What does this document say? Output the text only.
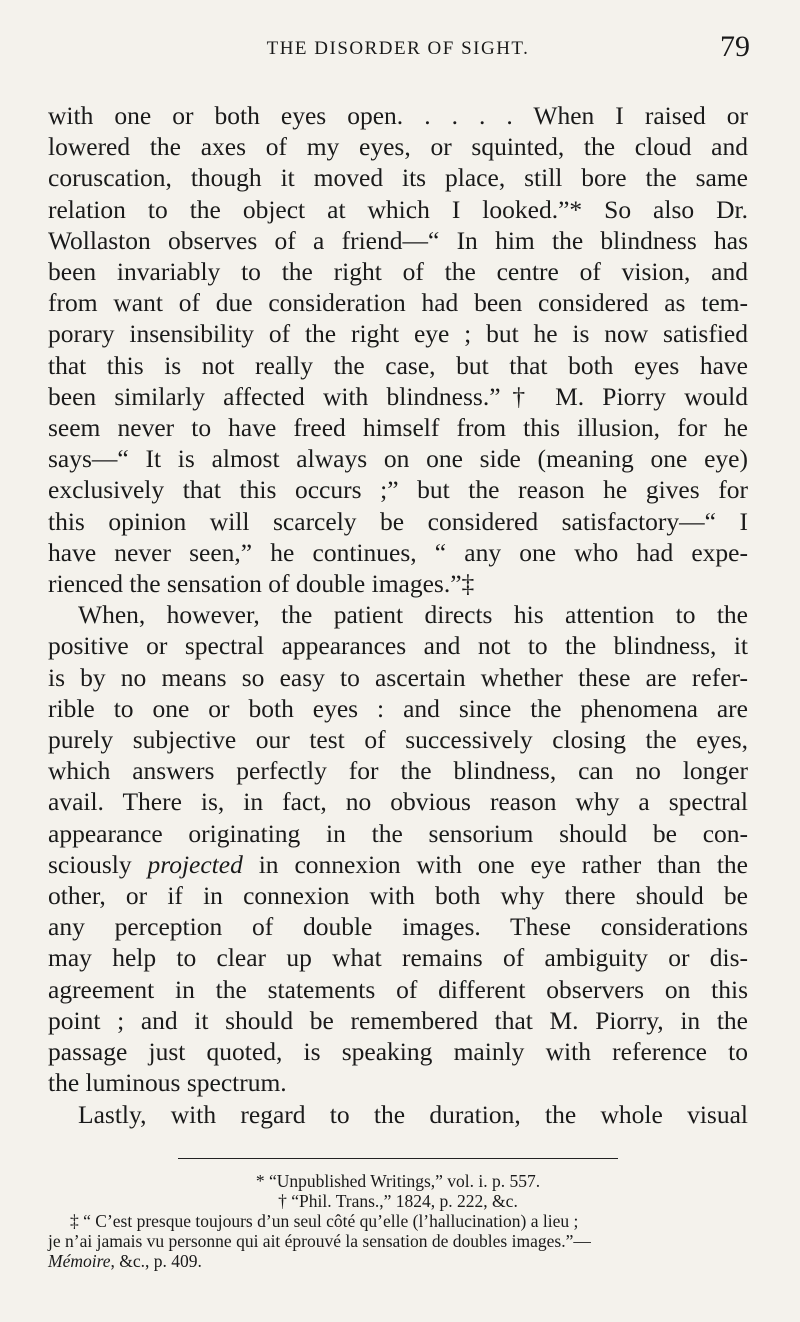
THE DISORDER OF SIGHT.	79

with one or both eyes open. . . . . When I raised or
lowered the axes of my eyes, or squinted, the cloud and
coruscation, though it moved its place, still bore the same
relation to the object at which I looked.”* So also Dr.
Wollaston observes of a friend—“ In him the blindness has
been invariably to the right of the centre of vision, and
from want of due consideration had been considered as tem-
porary insensibility of the right eye ; but he is now satisfied
that this is not really the case, but that both eyes have
been similarly affected with blindness.”† M. Piorry would
seem never to have freed himself from this illusion, for he
says—“ It is almost always on one side (meaning one eye)
exclusively that this occurs ;” but the reason he gives for
this opinion will scarcely be considered satisfactory—“ I
have never seen,” he continues, “ any one who had expe-
rienced the sensation of double images.”‡

When, however, the patient directs his attention to the
positive or spectral appearances and not to the blindness, it
is by no means so easy to ascertain whether these are refer-
rible to one or both eyes : and since the phenomena are
purely subjective our test of successively closing the eyes,
which answers perfectly for the blindness, can no longer
avail. There is, in fact, no obvious reason why a spectral
appearance originating in the sensorium should be con-
sciously projected in connexion with one eye rather than the
other, or if in connexion with both why there should be
any perception of double images. These considerations
may help to clear up what remains of ambiguity or dis-
agreement in the statements of different observers on this
point ; and it should be remembered that M. Piorry, in the
passage just quoted, is speaking mainly with reference to
the luminous spectrum.

Lastly, with regard to the duration, the whole visual

* “Unpublished Writings,” vol. i. p. 557.
† “Phil. Trans.,” 1824, p. 222, &c.
‡ “ C’est presque toujours d’un seul côté qu’elle (l’hallucination) a lieu ;
je n’ai jamais vu personne qui ait éprouvé la sensation de doubles images.”—
Mémoire, &c., p. 409.
